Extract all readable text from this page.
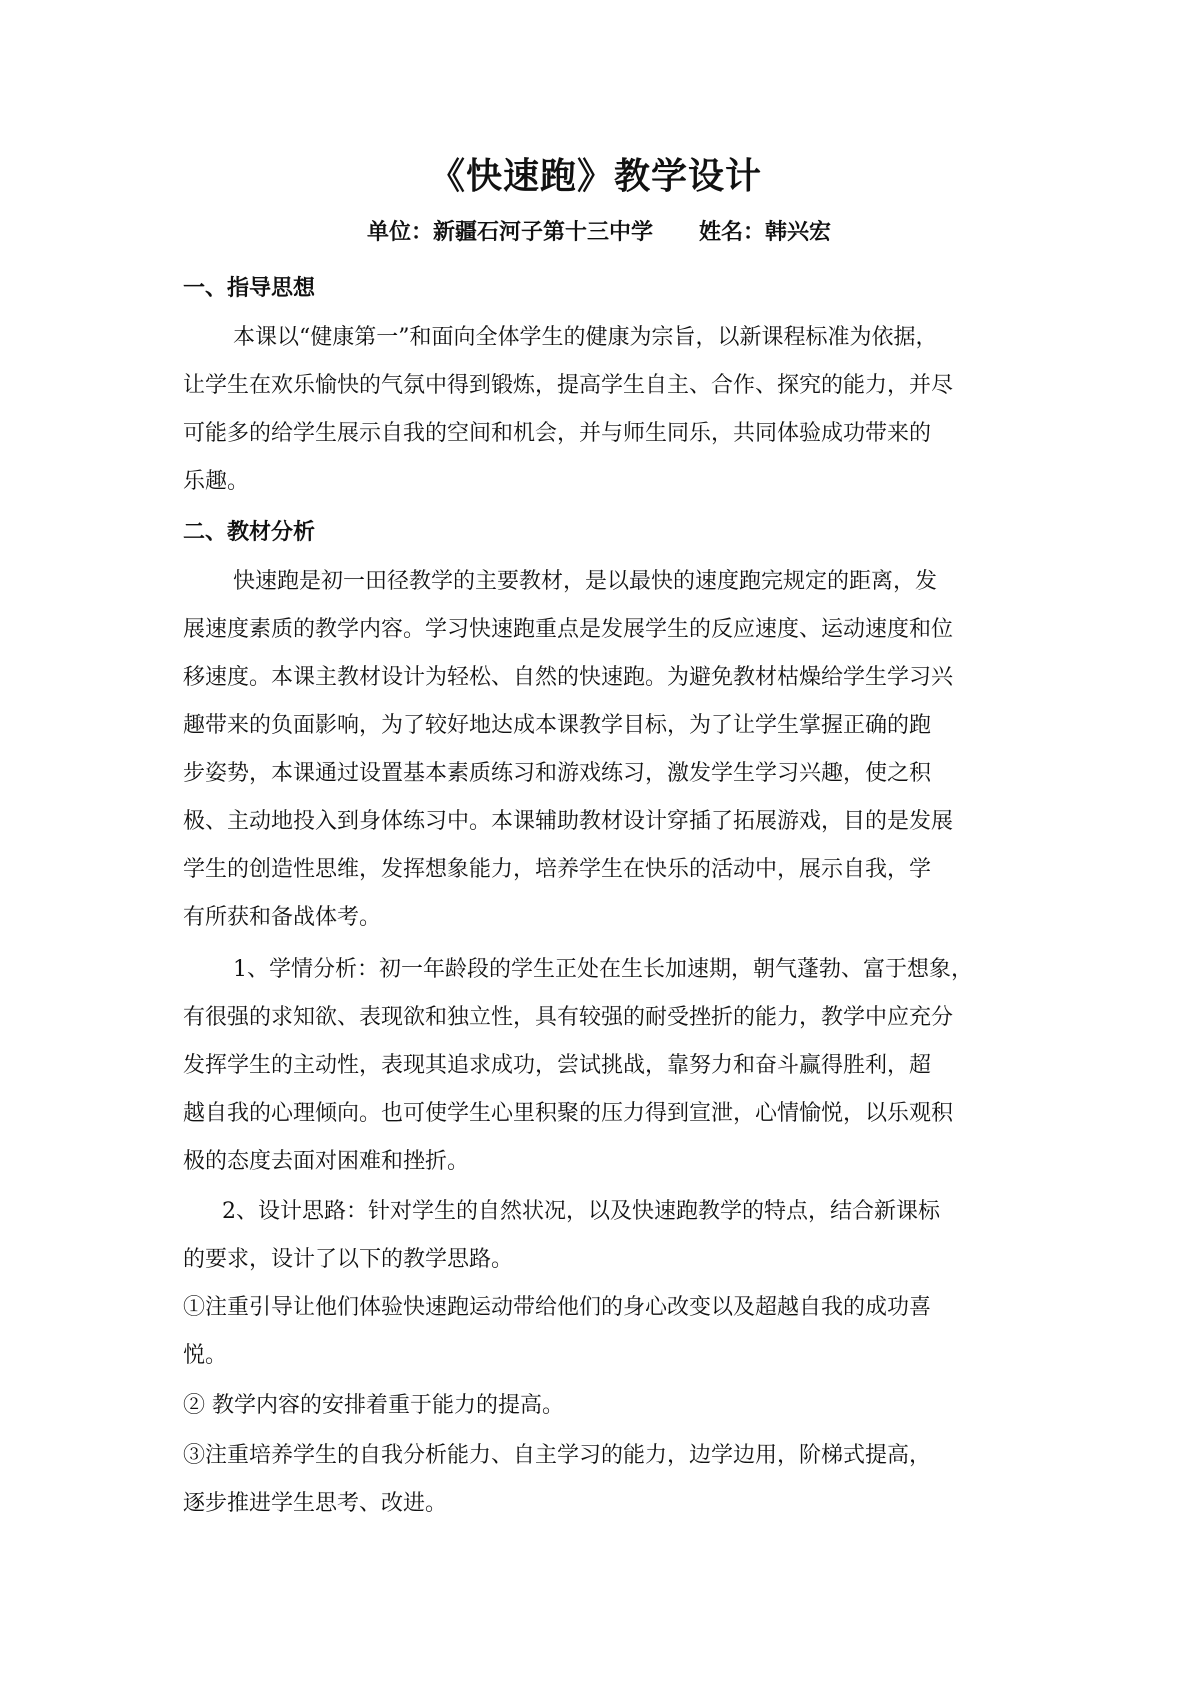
《快速跑》教学设计
单位：新疆石河子第十三中学 姓名：韩兴宏
一、指导思想
本课以“健康第一”和面向全体学生的健康为宗旨，以新课程标准为依据，
让学生在欢乐愉快的气氛中得到锻炼，提高学生自主、合作、探究的能力，并尽
可能多的给学生展示自我的空间和机会，并与师生同乐，共同体验成功带来的
乐趣。
二、教材分析
快速跑是初一田径教学的主要教材，是以最快的速度跑完规定的距离，发
展速度素质的教学内容。学习快速跑重点是发展学生的反应速度、运动速度和位
移速度。本课主教材设计为轻松、自然的快速跑。为避免教材枯燥给学生学习兴
趣带来的负面影响，为了较好地达成本课教学目标，为了让学生掌握正确的跑
步姿势，本课通过设置基本素质练习和游戏练习，激发学生学习兴趣，使之积
极、主动地投入到身体练习中。本课辅助教材设计穿插了拓展游戏，目的是发展
学生的创造性思维，发挥想象能力，培养学生在快乐的活动中，展示自我，学
有所获和备战体考。
1、学情分析：初一年龄段的学生正处在生长加速期，朝气蓬勃、富于想象，
有很强的求知欲、表现欲和独立性，具有较强的耐受挫折的能力，教学中应充分
发挥学生的主动性，表现其追求成功，尝试挑战，靠努力和奋斗赢得胜利，超
越自我的心理倾向。也可使学生心里积聚的压力得到宣泄，心情愉悦，以乐观积
极的态度去面对困难和挫折。
2、设计思路：针对学生的自然状况，以及快速跑教学的特点，结合新课标
的要求，设计了以下的教学思路。
①注重引导让他们体验快速跑运动带给他们的身心改变以及超越自我的成功喜
悦。
② 教学内容的安排着重于能力的提高。
③注重培养学生的自我分析能力、自主学习的能力，边学边用，阶梯式提高，
逐步推进学生思考、改进。
